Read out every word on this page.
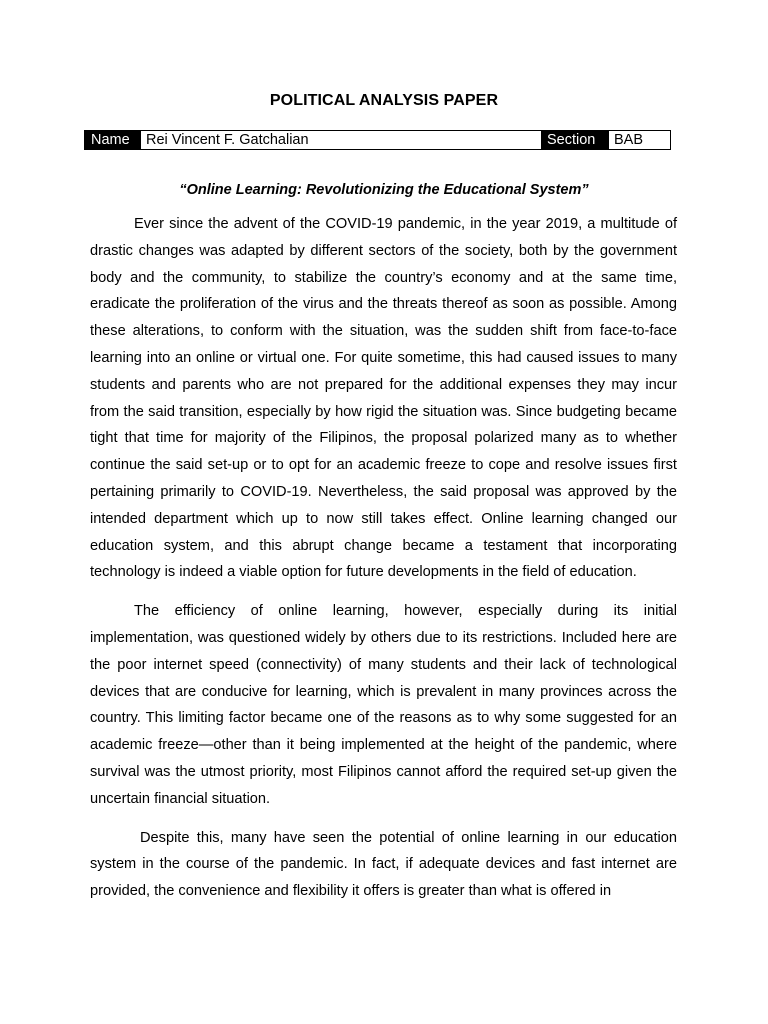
POLITICAL ANALYSIS PAPER
Name	Rei Vincent F. Gatchalian	Section	BAB
“Online Learning: Revolutionizing the Educational System”

Ever since the advent of the COVID-19 pandemic, in the year 2019, a multitude of drastic changes was adapted by different sectors of the society, both by the government body and the community, to stabilize the country’s economy and at the same time, eradicate the proliferation of the virus and the threats thereof as soon as possible. Among these alterations, to conform with the situation, was the sudden shift from face-to-face learning into an online or virtual one. For quite sometime, this had caused issues to many students and parents who are not prepared for the additional expenses they may incur from the said transition, especially by how rigid the situation was. Since budgeting became tight that time for majority of the Filipinos, the proposal polarized many as to whether continue the said set-up or to opt for an academic freeze to cope and resolve issues first pertaining primarily to COVID-19. Nevertheless, the said proposal was approved by the intended department which up to now still takes effect. Online learning changed our education system, and this abrupt change became a testament that incorporating technology is indeed a viable option for future developments in the field of education.

The efficiency of online learning, however, especially during its initial implementation, was questioned widely by others due to its restrictions. Included here are the poor internet speed (connectivity) of many students and their lack of technological devices that are conducive for learning, which is prevalent in many provinces across the country. This limiting factor became one of the reasons as to why some suggested for an academic freeze—other than it being implemented at the height of the pandemic, where survival was the utmost priority, most Filipinos cannot afford the required set-up given the uncertain financial situation.

Despite this, many have seen the potential of online learning in our education system in the course of the pandemic. In fact, if adequate devices and fast internet are provided, the convenience and flexibility it offers is greater than what is offered in
